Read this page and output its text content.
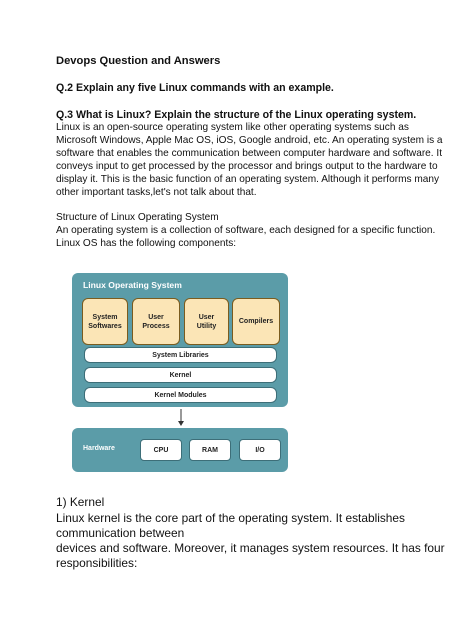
Devops Question and Answers
Q.2 Explain any five Linux commands with an example.
Q.3 What is Linux? Explain the structure of the Linux operating system.
Linux is an open-source operating system like other operating systems such as
Microsoft Windows, Apple Mac OS, iOS, Google android, etc. An operating system is a
software that enables the communication between computer hardware and software. It
conveys input to get processed by the processor and brings output to the hardware to
display it. This is the basic function of an operating system. Although it performs many
other important tasks,let's not talk about that.
Structure of Linux Operating System
An operating system is a collection of software, each designed for a specific function.
Linux OS has the following components:
Linux Operating System
System
Softwares
User
Process
User
Utility
Compilers
System Libraries
Kernel
Kernel Modules
Hardware	CPU	RAM	I/O
1) Kernel
Linux kernel is the core part of the operating system. It establishes
communication between
devices and software. Moreover, it manages system resources. It has four
responsibilities:
